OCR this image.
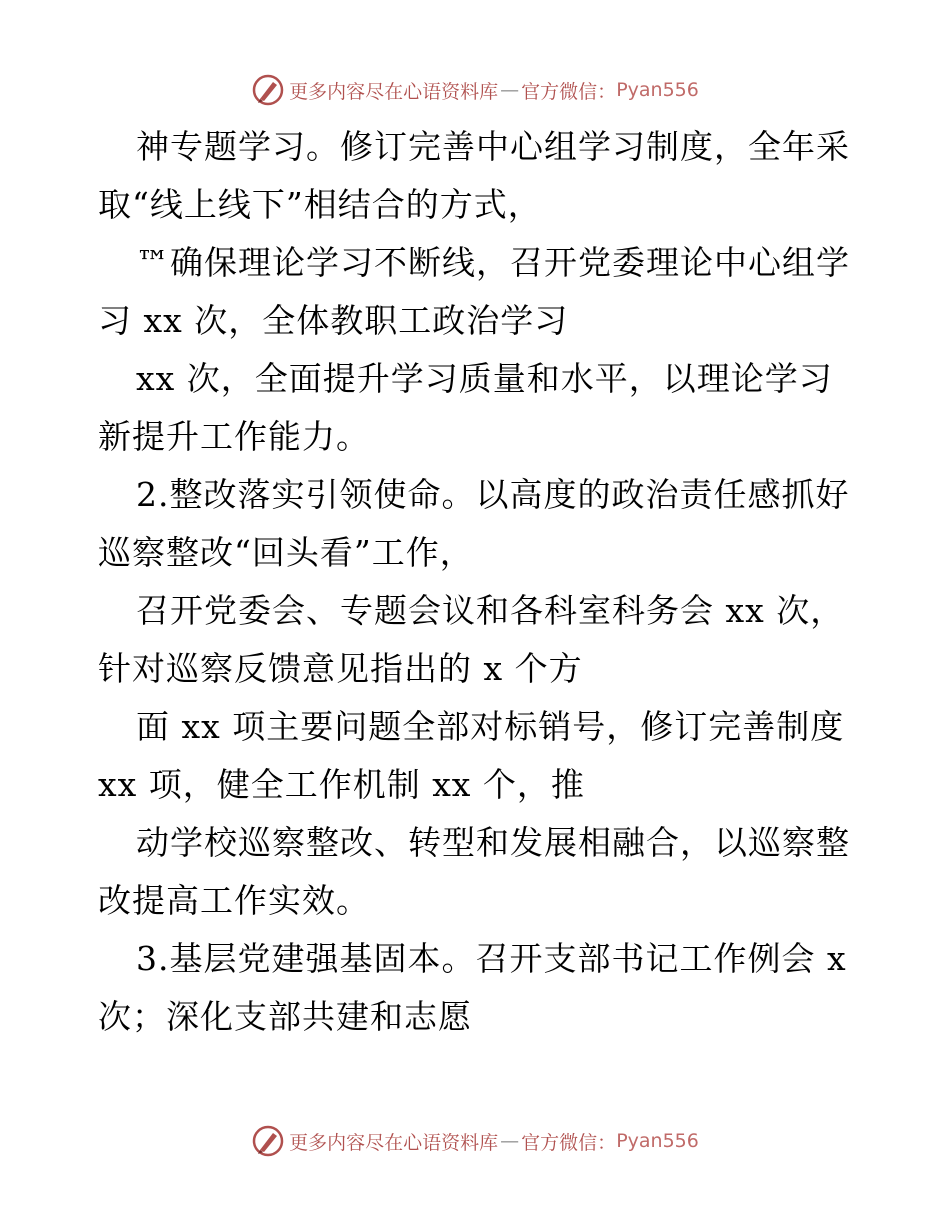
更多内容尽在心语资料库 — 官方微信： Pyan556
神专题学习。修订完善中心组学习制度，全年采
取“线上线下”相结合的方式，
™确保理论学习不断线，召开党委理论中心组学
习 xx 次，全体教职工政治学习
xx 次，全面提升学习质量和水平，以理论学习
新提升工作能力。
2.整改落实引领使命。以高度的政治责任感抓好
巡察整改“回头看”工作，
召开党委会、专题会议和各科室科务会 xx 次，
针对巡察反馈意见指出的 x 个方
面 xx 项主要问题全部对标销号，修订完善制度
xx 项，健全工作机制 xx 个，推
动学校巡察整改、转型和发展相融合，以巡察整
改提高工作实效。
3.基层党建强基固本。召开支部书记工作例会 x
次；深化支部共建和志愿
更多内容尽在心语资料库 — 官方微信： Pyan556
